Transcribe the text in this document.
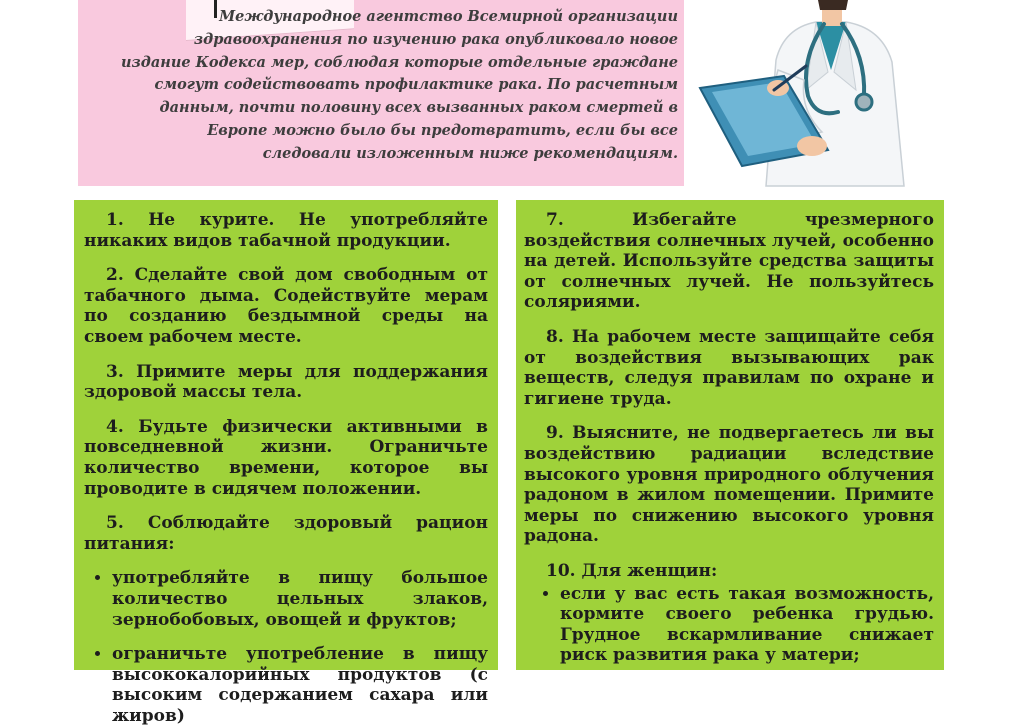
Международное агентство Всемирной организации здравоохранения по изучению рака опубликовало новое издание Кодекса мер, соблюдая которые отдельные граждане смогут содействовать профилактике рака. По расчетным данным, почти половину всех вызванных раком смертей в Европе можно было бы предотвратить, если бы все следовали изложенным ниже рекомендациям.

1. Не курите. Не употребляйте никаких видов табачной продукции.

2. Сделайте свой дом свободным от табачного дыма. Содействуйте мерам по созданию бездымной среды на своем рабочем месте.

3. Примите меры для поддержания здоровой массы тела.

4. Будьте физически активными в повседневной жизни. Ограничьте количество времени, которое вы проводите в сидячем положении.

5. Соблюдайте здоровый рацион питания:

• употребляйте в пищу большое количество цельных злаков, зернобобовых, овощей и фруктов;
• ограничьте употребление в пищу высококалорийных продуктов (с высоким содержанием сахара или жиров)

7. Избегайте чрезмерного воздействия солнечных лучей, особенно на детей. Используйте средства защиты от солнечных лучей. Не пользуйтесь соляриями.

8. На рабочем месте защищайте себя от воздействия вызывающих рак веществ, следуя правилам по охране и гигиене труда.

9. Выясните, не подвергаетесь ли вы воздействию радиации вследствие высокого уровня природного облучения радоном в жилом помещении. Примите меры по снижению высокого уровня радона.

10. Для женщин:

• если у вас есть такая возможность, кормите своего ребенка грудью. Грудное вскармливание снижает риск развития рака у матери;
